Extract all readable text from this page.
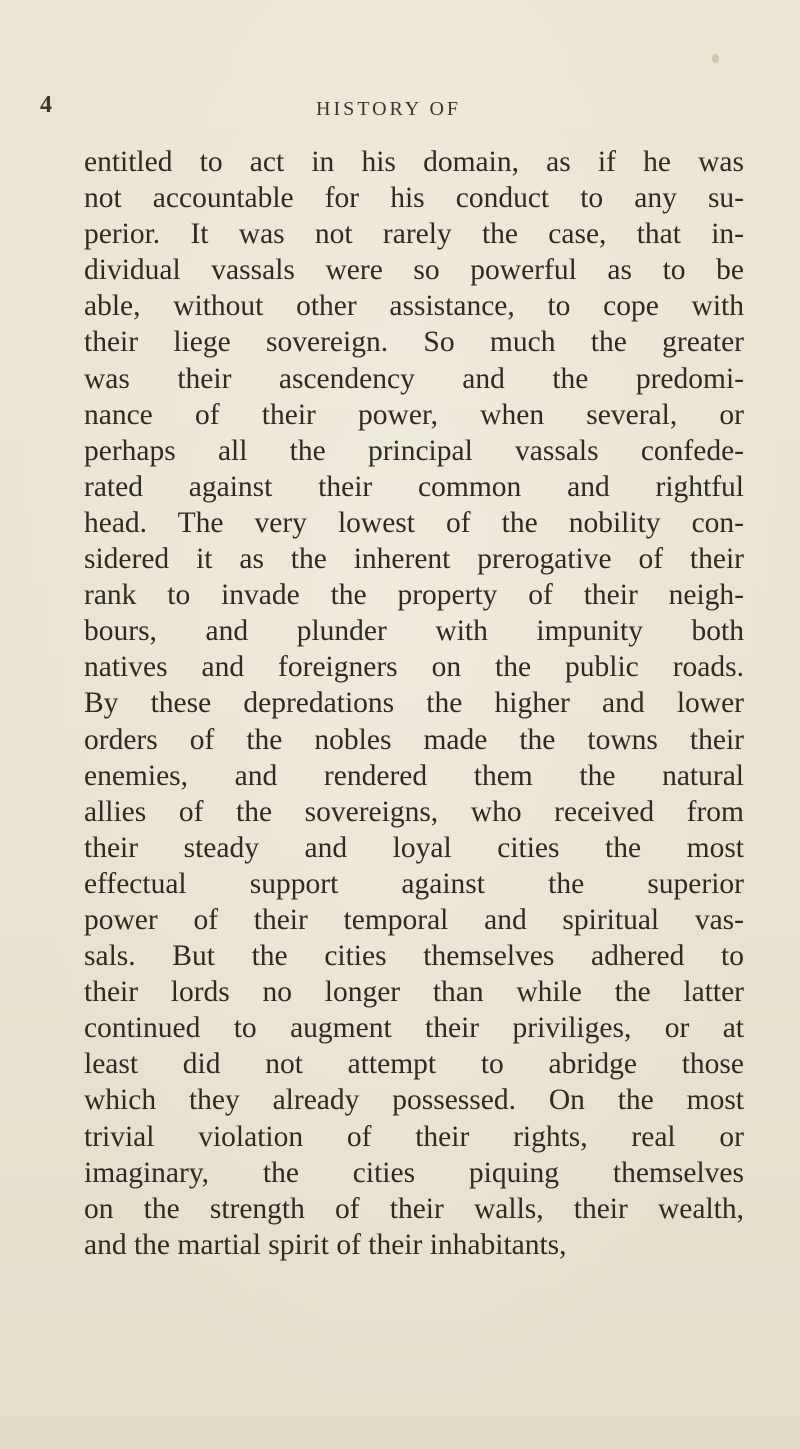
4	HISTORY OF
entitled to act in his domain, as if he was
not accountable for his conduct to any su-
perior. It was not rarely the case, that in-
dividual vassals were so powerful as to be
able, without other assistance, to cope with
their liege sovereign. So much the greater
was their ascendency and the predomi-
nance of their power, when several, or
perhaps all the principal vassals confede-
rated against their common and rightful
head. The very lowest of the nobility con-
sidered it as the inherent prerogative of their
rank to invade the property of their neigh-
bours, and plunder with impunity both
natives and foreigners on the public roads.
By these depredations the higher and lower
orders of the nobles made the towns their
enemies, and rendered them the natural
allies of the sovereigns, who received from
their steady and loyal cities the most
effectual support against the superior
power of their temporal and spiritual vas-
sals. But the cities themselves adhered to
their lords no longer than while the latter
continued to augment their priviliges, or at
least did not attempt to abridge those
which they already possessed. On the most
trivial violation of their rights, real or
imaginary, the cities piquing themselves
on the strength of their walls, their wealth,
and the martial spirit of their inhabitants,
